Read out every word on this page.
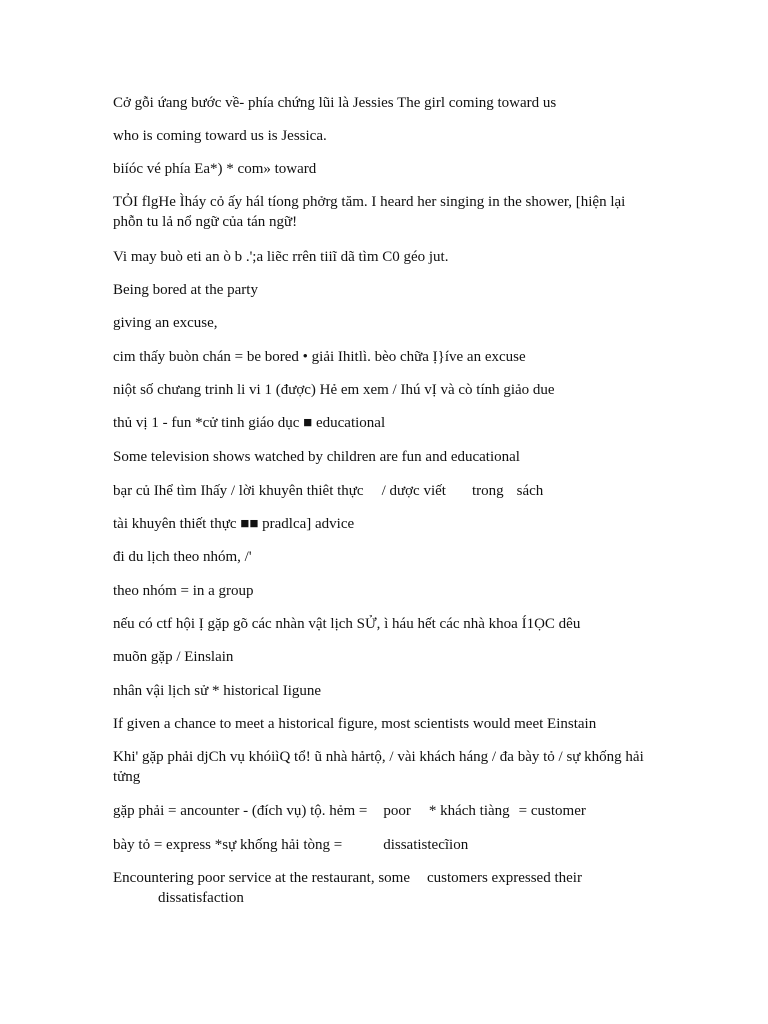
Cở gỗi ứang bước về- phía chứng lũi là Jessies The girl coming toward us
who is coming toward us is Jessica.
biíóc vé phía Ea*) * com» toward
TỎI flgHe Ìháy cỏ ấy hál tíong phởrg tăm. I heard her singing in the shower, [hiện lại phỗn tu lả nổ ngữ của tán ngữ!
Vi may buò eti an ò b .';a liẽc rrên tiiĩ dã tìm C0 géo jut.
Being bored at the party
giving an excuse,
cim thấy buòn chán = be bored • giải Ihitlì. bèo chữa Ị}íve an excuse
niột số chưang trinh li vi 1 (được) Hẻ em xem / Ihú vỊ và cò tính giảo due
thủ vị 1 - fun *cử tinh giáo dục ■ educational
Some television shows watched by children are fun and educational
bạr củ Ihể tìm Ihấy / lời khuyên thiêt thực / dược viết trong sách
tài khuyên thiết thực ■■ pradlca] advice
đi du lịch theo nhóm, /'
theo nhóm = in a group
nếu có ctf hội Ị gặp gõ các nhàn vật lịch SỬ, ì háu hết các nhà khoa Í1ỌC dêu
muõn gặp / Einslain
nhân vậi lịch sử * historical Iigune
If given a chance to meet a historical figure, most scientists would meet Einstain
Khi' gặp phải djCh vụ khóiìQ tổ! ũ nhà hảrtộ, / vài khách háng / đa bày tỏ / sự khống hải tửng
gặp phải = ancounter - (đích vụ) tộ. hẻm = poor * khách tiàng = customer
bày tỏ = express *sự khống hải tòng =	dissatistecĩion
Encountering poor service at the restaurant, some customers expressed their
dissatisfaction
